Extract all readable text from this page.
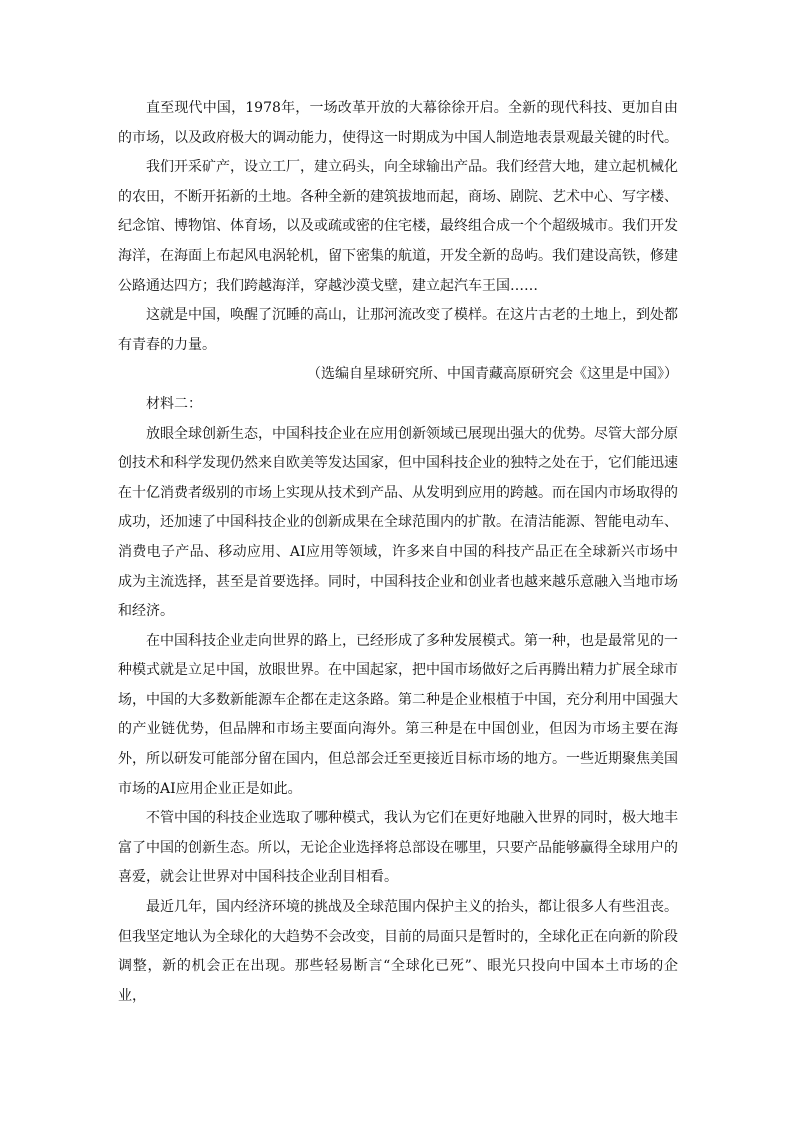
直至现代中国，1978年，一场改革开放的大幕徐徐开启。全新的现代科技、更加自由的市场，以及政府极大的调动能力，使得这一时期成为中国人制造地表景观最关键的时代。

我们开采矿产，设立工厂，建立码头，向全球输出产品。我们经营大地，建立起机械化的农田，不断开拓新的土地。各种全新的建筑拔地而起，商场、剧院、艺术中心、写字楼、纪念馆、博物馆、体育场，以及或疏或密的住宅楼，最终组合成一个个超级城市。我们开发海洋，在海面上布起风电涡轮机，留下密集的航道，开发全新的岛屿。我们建设高铁，修建公路通达四方；我们跨越海洋，穿越沙漠戈壁，建立起汽车王国……

这就是中国，唤醒了沉睡的高山，让那河流改变了模样。在这片古老的土地上，到处都有青春的力量。

（选编自星球研究所、中国青藏高原研究会《这里是中国》）

材料二：

放眼全球创新生态，中国科技企业在应用创新领域已展现出强大的优势。尽管大部分原创技术和科学发现仍然来自欧美等发达国家，但中国科技企业的独特之处在于，它们能迅速在十亿消费者级别的市场上实现从技术到产品、从发明到应用的跨越。而在国内市场取得的成功，还加速了中国科技企业的创新成果在全球范围内的扩散。在清洁能源、智能电动车、消费电子产品、移动应用、AI应用等领域，许多来自中国的科技产品正在全球新兴市场中成为主流选择，甚至是首要选择。同时，中国科技企业和创业者也越来越乐意融入当地市场和经济。

在中国科技企业走向世界的路上，已经形成了多种发展模式。第一种，也是最常见的一种模式就是立足中国，放眼世界。在中国起家，把中国市场做好之后再腾出精力扩展全球市场，中国的大多数新能源车企都在走这条路。第二种是企业根植于中国，充分利用中国强大的产业链优势，但品牌和市场主要面向海外。第三种是在中国创业，但因为市场主要在海外，所以研发可能部分留在国内，但总部会迁至更接近目标市场的地方。一些近期聚焦美国市场的AI应用企业正是如此。

不管中国的科技企业选取了哪种模式，我认为它们在更好地融入世界的同时，极大地丰富了中国的创新生态。所以，无论企业选择将总部设在哪里，只要产品能够赢得全球用户的喜爱，就会让世界对中国科技企业刮目相看。

最近几年，国内经济环境的挑战及全球范围内保护主义的抬头，都让很多人有些沮丧。但我坚定地认为全球化的大趋势不会改变，目前的局面只是暂时的，全球化正在向新的阶段调整，新的机会正在出现。那些轻易断言“全球化已死”、眼光只投向中国本土市场的企业，
